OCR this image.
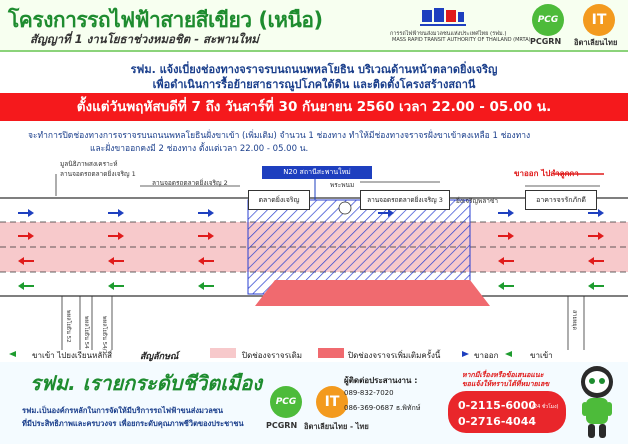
โครงการรถไฟฟ้าสายสีเขียว (เหนือ)
สัญญาที่ 1 งานโยธาช่วงหมอชิต - สะพานใหม่	การรถไฟฟ้าขนส่งมวลชนแห่งประเทศไทย (รฟม.)
MASS RAPID TRANSIT AUTHORITY OF THAILAND (MRTA)
PCG
PCGRN
IT
อิตาเลียนไทย
รฟม. แจ้งเบี่ยงช่องทางจราจรบนถนนพหลโยธิน บริเวณด้านหน้าตลาดยิ่งเจริญ
เพื่อดำเนินการรื้อย้ายสาธารณูปโภคใต้ดิน และติดตั้งโครงสร้างสถานี
ตั้งแต่วันพฤหัสบดีที่ 7 ถึง วันสาร์ที่ 30 กันยายน 2560 เวลา 22.00 - 05.00 น.
จะทำการปิดช่องทางการจราจรบนถนนพหลโยธินฝั่งขาเข้า (เพิ่มเติม) จำนวน 1 ช่องทาง ทำให้มีช่องทางจราจรฝั่งขาเข้าคงเหลือ 1 ช่องทาง
และฝั่งขาออกคงมี 2 ช่องทาง ตั้งแต่เวลา 22.00 - 05.00 น.
N20 สถานีสะพานใหม่	ขาออก ไปสำลูกกา
มูลนิธิภาพสงเคราะห์
ลานจอดรถตลาดยิ่งเจริญ 1
ลานจอดรถตลาดยิ่งเจริญ 2
ตลาดยิ่งเจริญ
พระพนม
ลานจอดรถตลาดยิ่งเจริญ 3	ยิ่งเจริญพลาซ่า	อาคารจรรักภักดี
พหลโยธิน 52 พหลโยธิน 54 พหลโยธิน 54/1	สายหยุด
ปิดช่องจราจรฝั่งขาเข้า (เพิ่มเติม) 1 ช่องทาง
ขาเข้า ไปยงเรียนหลักสี่	สัญลักษณ์	ปิดช่องจราจรเดิม	ปิดช่องจราจรเพิ่มเติมครั้งนี้	ขาออก	ขาเข้า
รฟม. เรายกระดับชีวิตเมือง
รฟม.เป็นองค์กรหลักในการจัดให้มีบริการรถไฟฟ้าขนส่งมวลชน
ที่มีประสิทธิภาพและครบวงจร เพื่อยกระดับคุณภาพชีวิตของประชาชน
PCG
PCGRN
IT
อิตาเลียนไทย - ไทย
ผู้ติดต่อประสานงาน :
089-832-7020
086-369-0687 ธ.พิทักษ์
หากมีเรื่องหรือข้อเสนอแนะ
ขอแจ้งให้ทราบได้ที่หมายเลข
0-2115-6000
(24 ชั่วโมง)
0-2716-4044
